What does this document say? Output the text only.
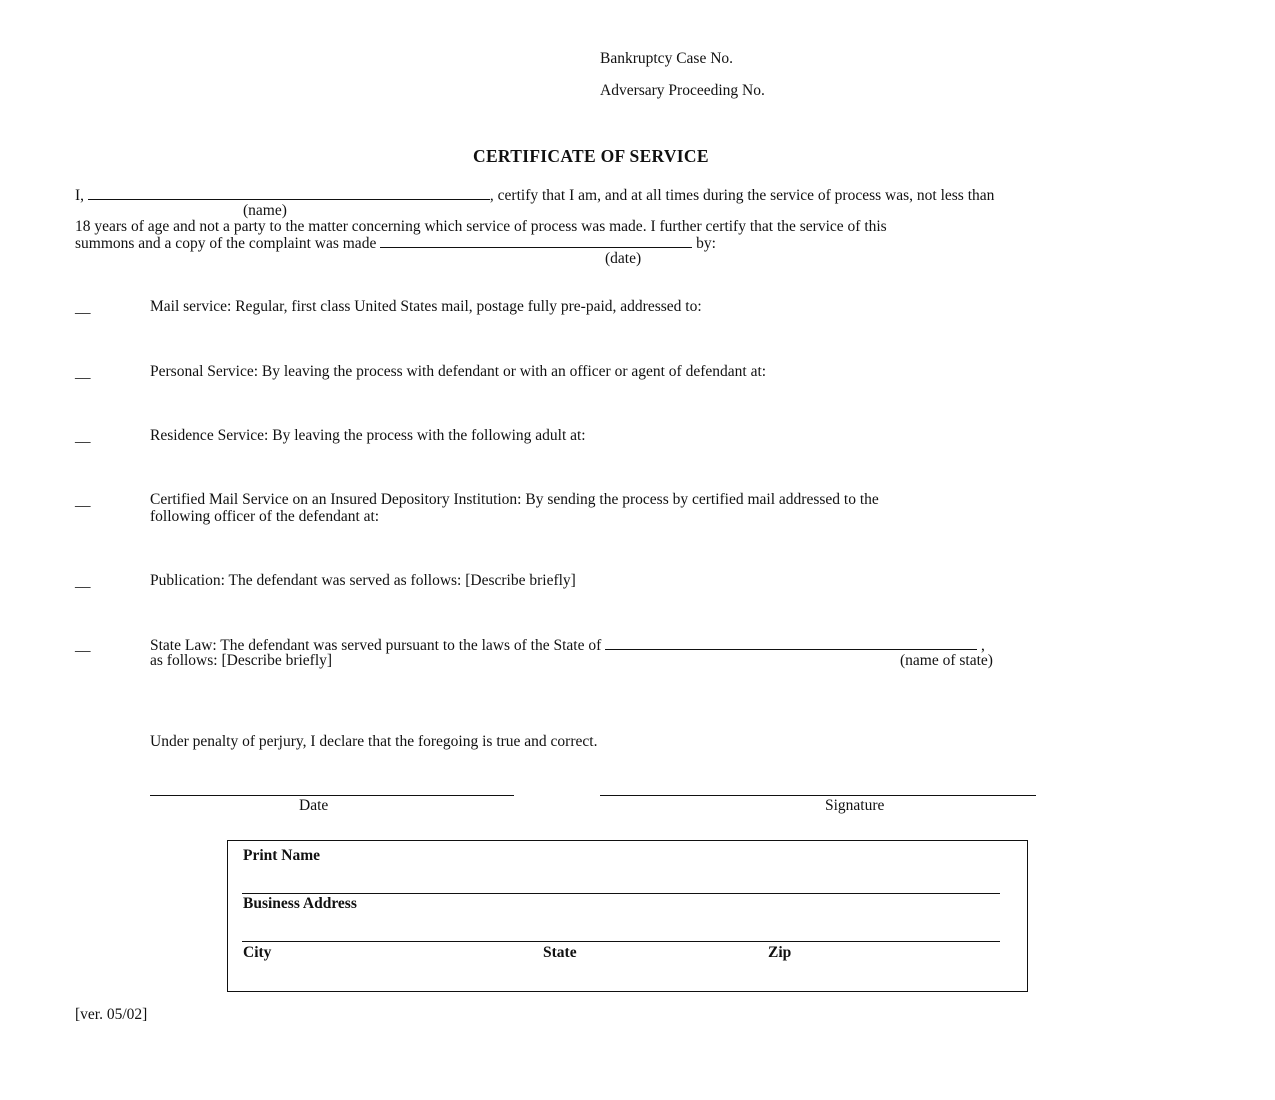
Bankruptcy Case No.
Adversary Proceeding No.
CERTIFICATE OF SERVICE
I,	, certify that I am, and at all times during the service of process was, not less than
(name)
18 years of age and not a party to the matter concerning which service of process was made. I further certify that the service of this
summons and a copy of the complaint was made	by:
(date)
__	Mail service: Regular, first class United States mail, postage fully pre-paid, addressed to:
__	Personal Service: By leaving the process with defendant or with an officer or agent of defendant at:
__	Residence Service: By leaving the process with the following adult at:
__	Certified Mail Service on an Insured Depository Institution: By sending the process by certified mail addressed to the
following officer of the defendant at:
__	Publication: The defendant was served as follows: [Describe briefly]
__	State Law: The defendant was served pursuant to the laws of the State of	,
as follows: [Describe briefly]	(name of state)
Under penalty of perjury, I declare that the foregoing is true and correct.
Date	Signature
Print Name
Business Address
City	State	Zip
[ver. 05/02]
